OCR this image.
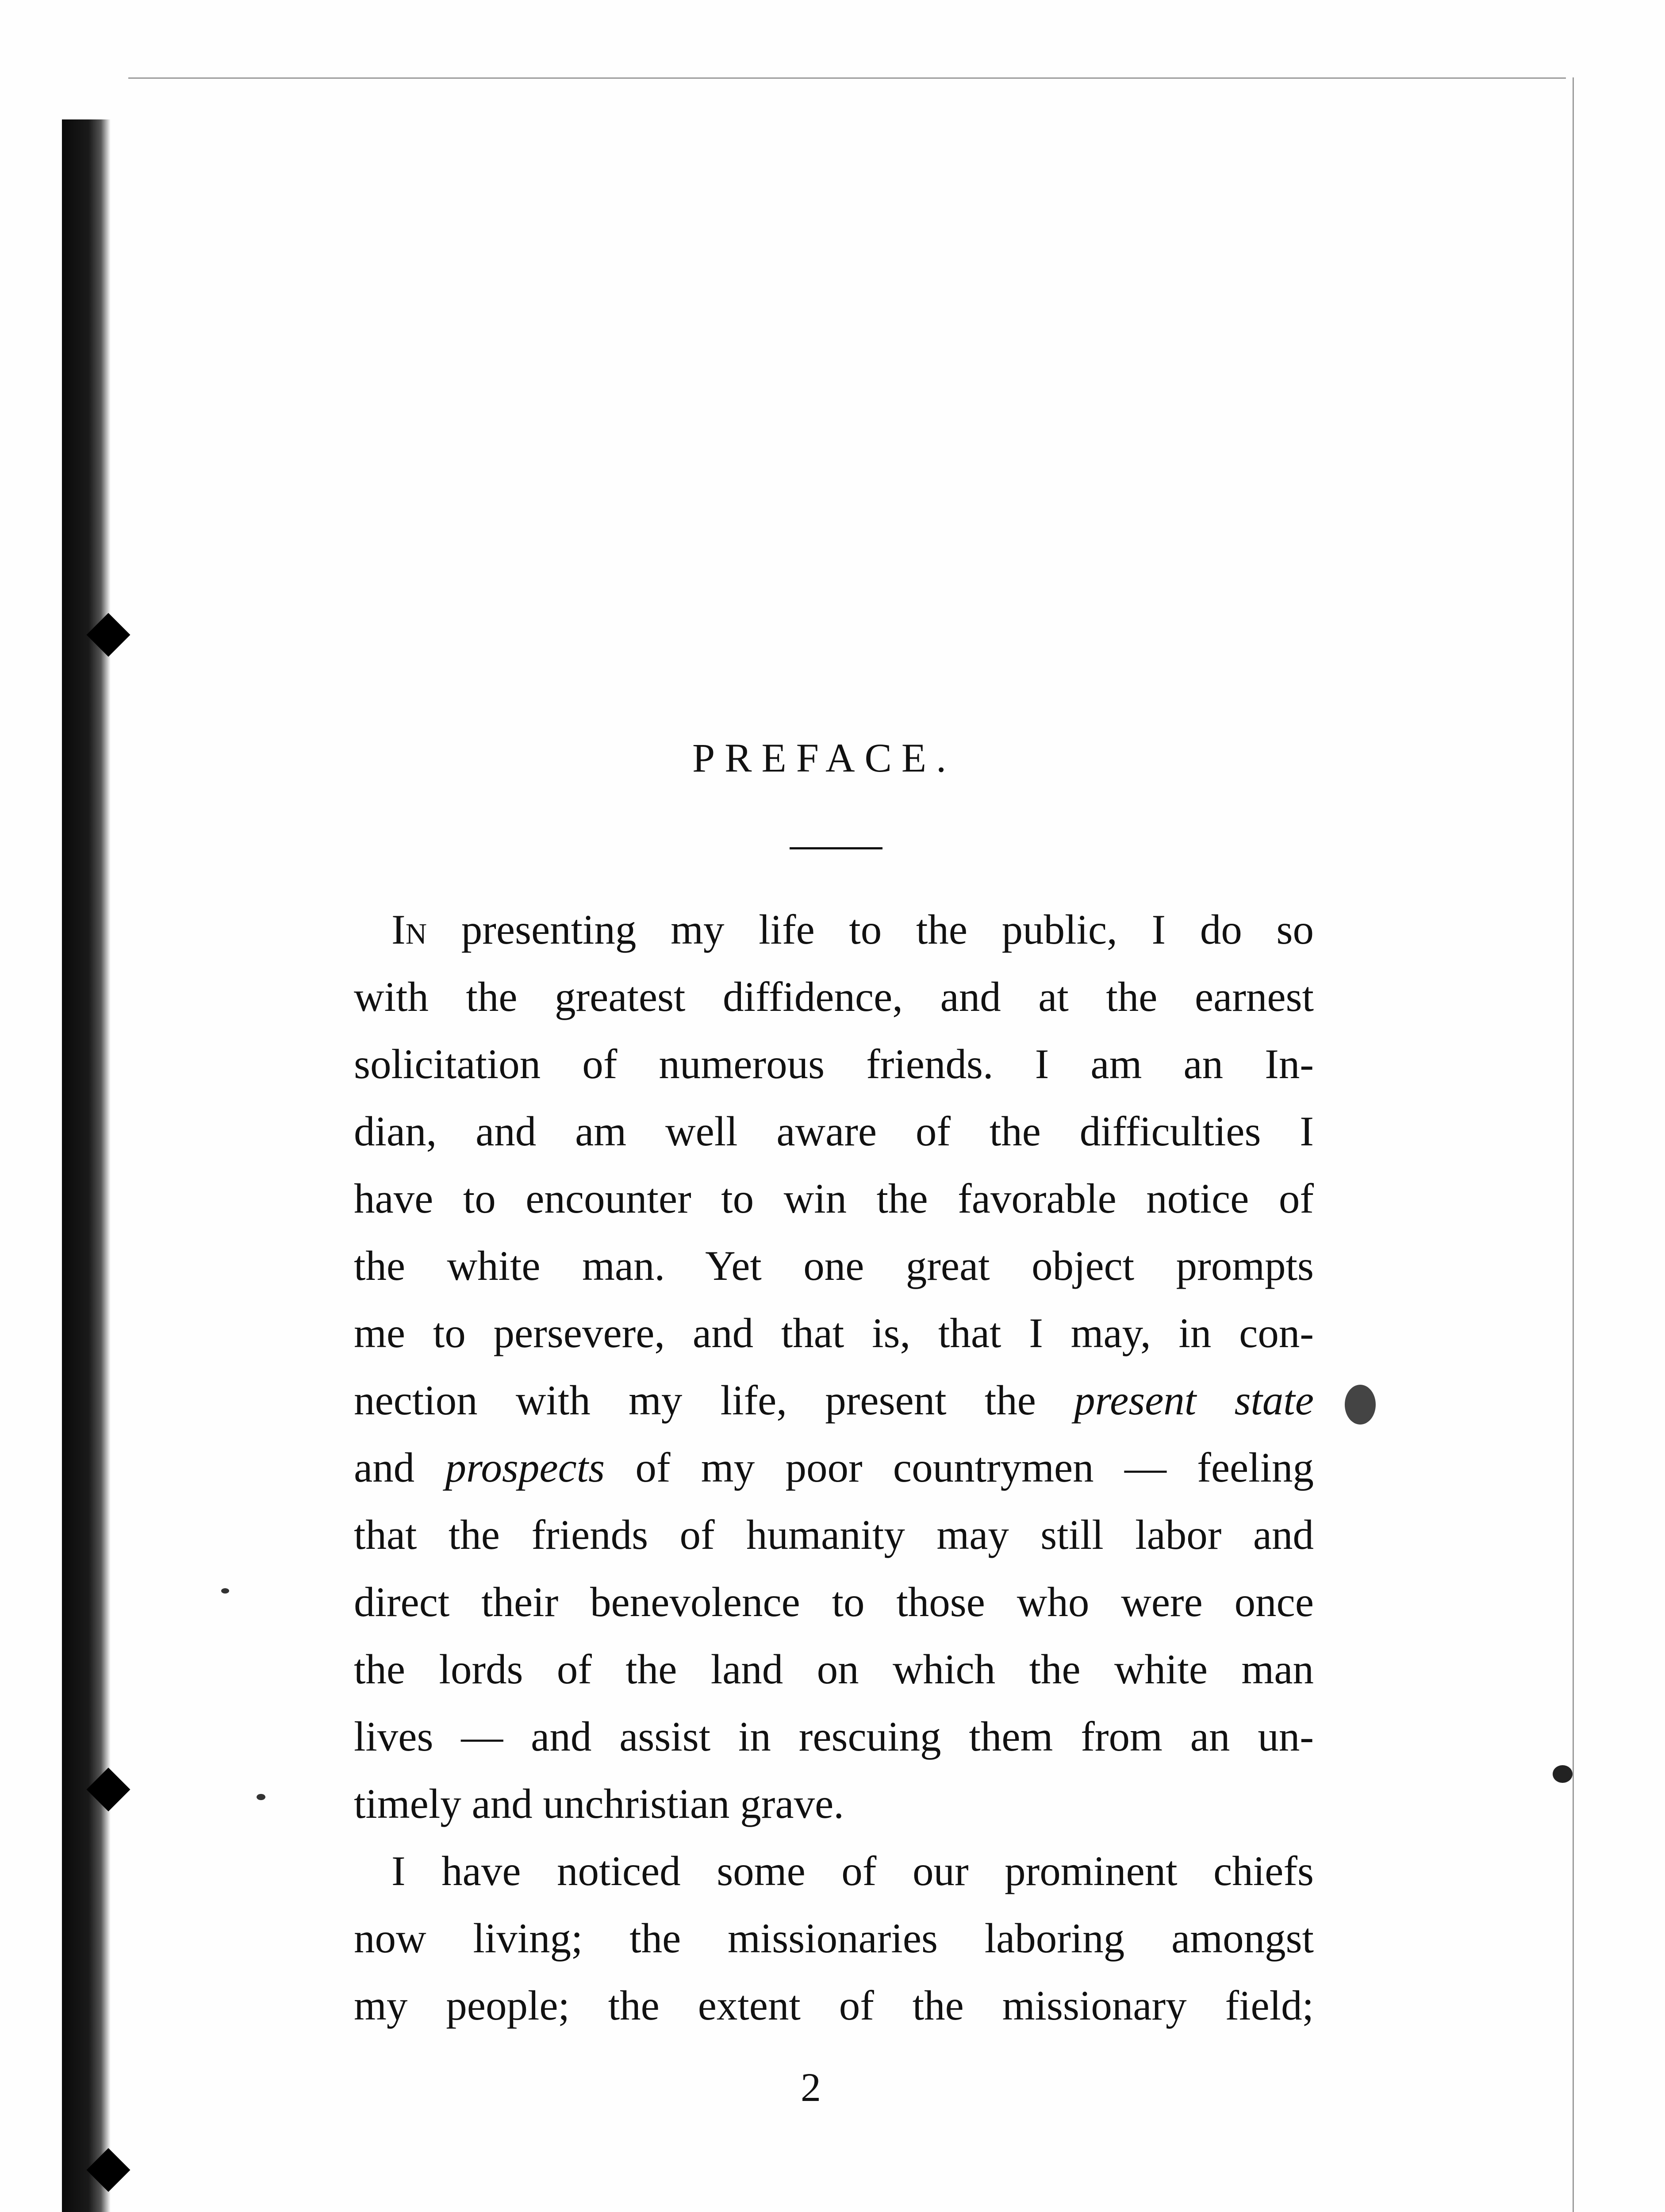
PREFACE.

In presenting my life to the public, I do so
with the greatest diffidence, and at the earnest
solicitation of numerous friends. I am an In-
dian, and am well aware of the difficulties I
have to encounter to win the favorable notice of
the white man. Yet one great object prompts
me to persevere, and that is, that I may, in con-
nection with my life, present the present state
and prospects of my poor countrymen — feeling
that the friends of humanity may still labor and
direct their benevolence to those who were once
the lords of the land on which the white man
lives — and assist in rescuing them from an un-
timely and unchristian grave.

I have noticed some of our prominent chiefs
now living; the missionaries laboring amongst
my people; the extent of the missionary field;

2
